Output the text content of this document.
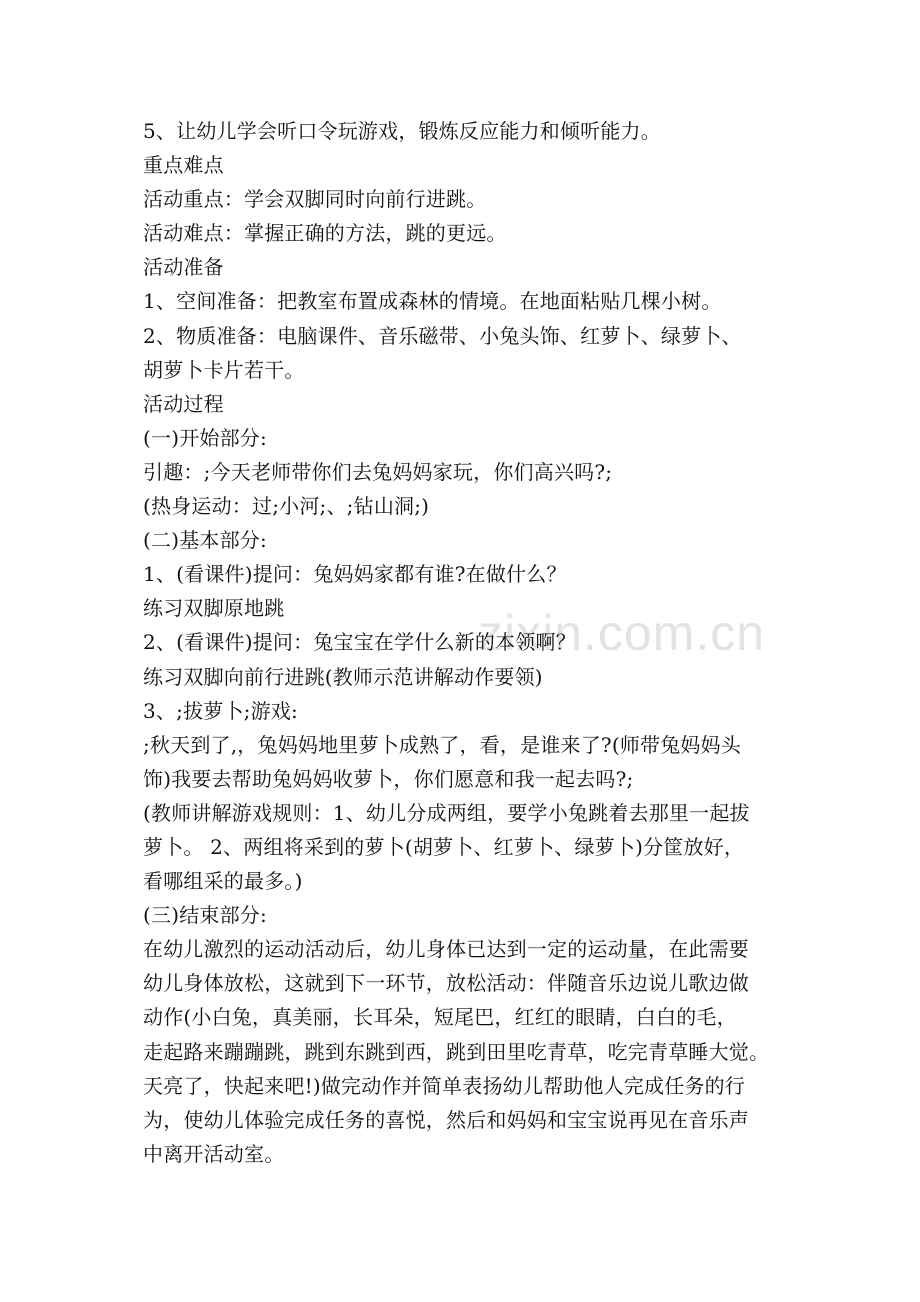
zixin.com.cn
5、让幼儿学会听口令玩游戏，锻炼反应能力和倾听能力。
重点难点
活动重点：学会双脚同时向前行进跳。
活动难点：掌握正确的方法，跳的更远。
活动准备
1、空间准备：把教室布置成森林的情境。在地面粘贴几棵小树。
2、物质准备：电脑课件、音乐磁带、小兔头饰、红萝卜、绿萝卜、
胡萝卜卡片若干。
活动过程
(一)开始部分:
引趣：;今天老师带你们去兔妈妈家玩，你们高兴吗?;
(热身运动：过;小河;、;钻山洞;)
(二)基本部分:
1、(看课件)提问：兔妈妈家都有谁?在做什么？
练习双脚原地跳
2、(看课件)提问：兔宝宝在学什么新的本领啊？
练习双脚向前行进跳(教师示范讲解动作要领)
3、;拔萝卜;游戏:
;秋天到了,，兔妈妈地里萝卜成熟了，看，是谁来了?(师带兔妈妈头
饰)我要去帮助兔妈妈收萝卜，你们愿意和我一起去吗?;
(教师讲解游戏规则：1、幼儿分成两组，要学小兔跳着去那里一起拔
萝卜。 2、两组将采到的萝卜(胡萝卜、红萝卜、绿萝卜)分筐放好，
看哪组采的最多。)
(三)结束部分:
在幼儿激烈的运动活动后，幼儿身体已达到一定的运动量，在此需要
幼儿身体放松，这就到下一环节，放松活动：伴随音乐边说儿歌边做
动作(小白兔，真美丽，长耳朵，短尾巴，红红的眼睛，白白的毛，
走起路来蹦蹦跳，跳到东跳到西，跳到田里吃青草，吃完青草睡大觉。
天亮了，快起来吧!)做完动作并简单表扬幼儿帮助他人完成任务的行
为，使幼儿体验完成任务的喜悦，然后和妈妈和宝宝说再见在音乐声
中离开活动室。
